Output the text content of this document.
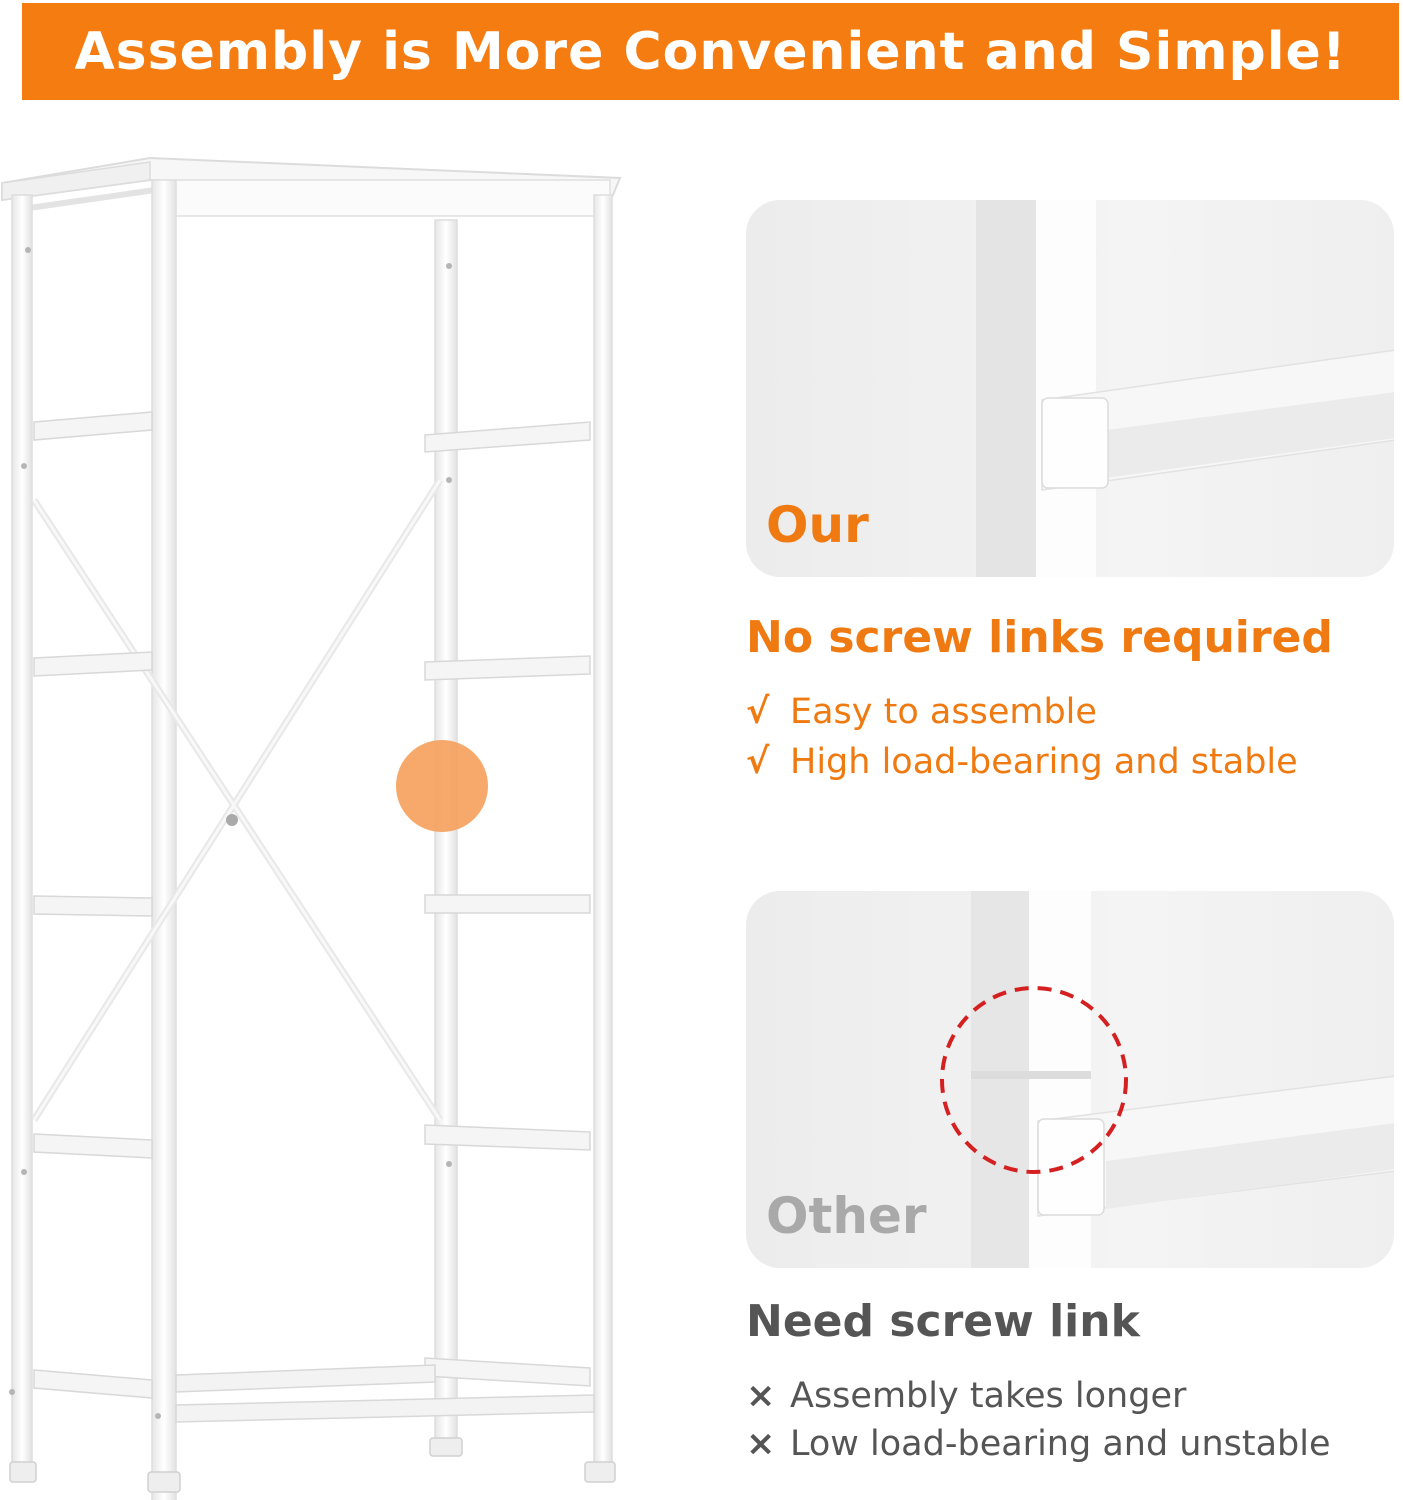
Assembly is More Convenient and Simple!
Our
No screw links required
√ Easy to assemble
√ High load-bearing and stable
Other
Need screw link
× Assembly takes longer
× Low load-bearing and unstable
